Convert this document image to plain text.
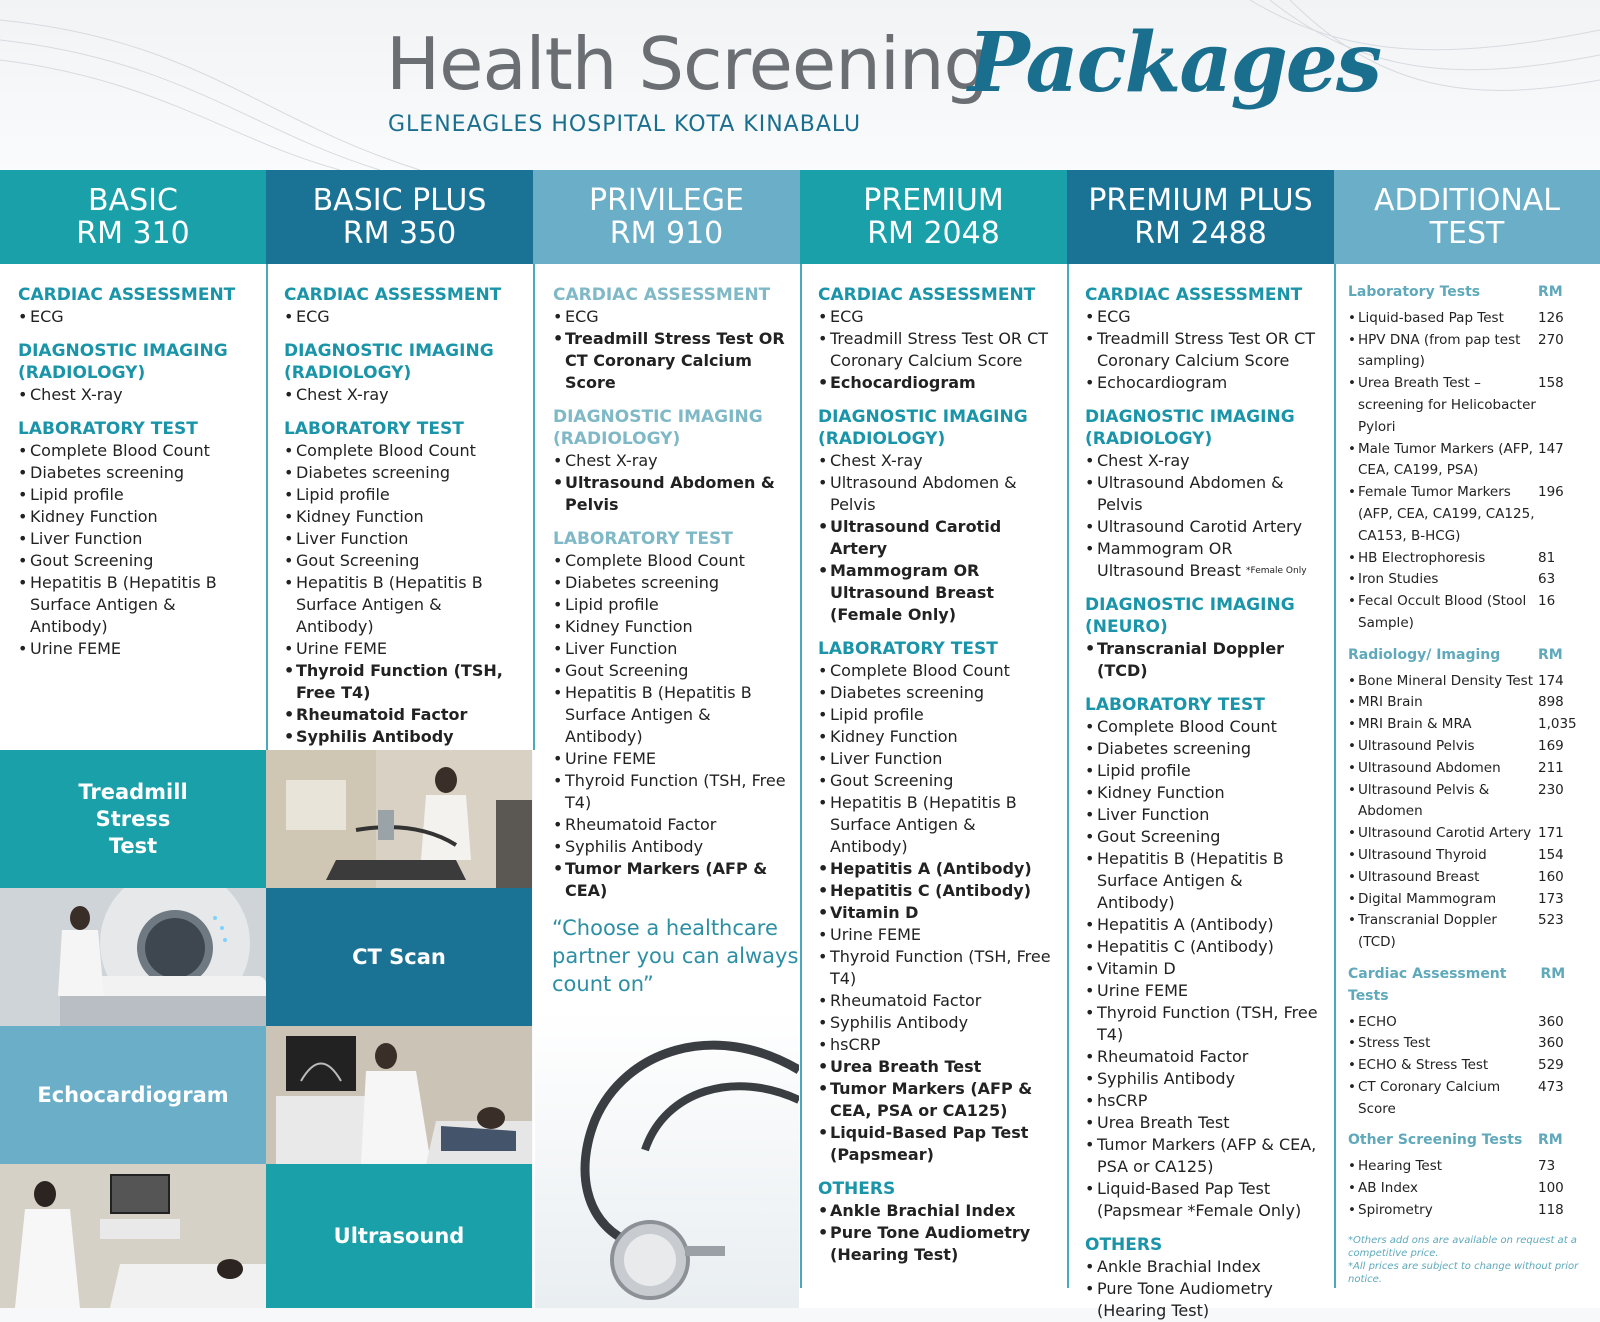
Health Screening
Packages
GLENEAGLES HOSPITAL KOTA KINABALU
BASIC
RM 310
BASIC PLUS
RM 350
PRIVILEGE
RM 910
PREMIUM
RM 2048
PREMIUM PLUS
RM 2488
ADDITIONAL
TEST
CARDIAC ASSESSMENT
• ECG
DIAGNOSTIC IMAGING (RADIOLOGY)
• Chest X-ray
LABORATORY TEST
• Complete Blood Count
• Diabetes screening
• Lipid profile
• Kidney Function
• Liver Function
• Gout Screening
• Hepatitis B (Hepatitis B Surface Antigen & Antibody)
• Urine FEME
CARDIAC ASSESSMENT
• ECG
DIAGNOSTIC IMAGING (RADIOLOGY)
• Chest X-ray
LABORATORY TEST
• Complete Blood Count
• Diabetes screening
• Lipid profile
• Kidney Function
• Liver Function
• Gout Screening
• Hepatitis B (Hepatitis B Surface Antigen & Antibody)
• Urine FEME
• Thyroid Function (TSH, Free T4)
• Rheumatoid Factor
• Syphilis Antibody
CARDIAC ASSESSMENT
• ECG
• Treadmill Stress Test OR CT Coronary Calcium Score
DIAGNOSTIC IMAGING (RADIOLOGY)
• Chest X-ray
• Ultrasound Abdomen & Pelvis
LABORATORY TEST
• Complete Blood Count
• Diabetes screening
• Lipid profile
• Kidney Function
• Liver Function
• Gout Screening
• Hepatitis B (Hepatitis B Surface Antigen & Antibody)
• Urine FEME
• Thyroid Function (TSH, Free T4)
• Rheumatoid Factor
• Syphilis Antibody
• Tumor Markers (AFP & CEA)
CARDIAC ASSESSMENT
• ECG
• Treadmill Stress Test OR CT Coronary Calcium Score
• Echocardiogram
DIAGNOSTIC IMAGING (RADIOLOGY)
• Chest X-ray
• Ultrasound Abdomen & Pelvis
• Ultrasound Carotid Artery
• Mammogram OR Ultrasound Breast (Female Only)
LABORATORY TEST
• Complete Blood Count
• Diabetes screening
• Lipid profile
• Kidney Function
• Liver Function
• Gout Screening
• Hepatitis B (Hepatitis B Surface Antigen & Antibody)
• Hepatitis A (Antibody)
• Hepatitis C (Antibody)
• Vitamin D
• Urine FEME
• Thyroid Function (TSH, Free T4)
• Rheumatoid Factor
• Syphilis Antibody
• hsCRP
• Urea Breath Test
• Tumor Markers (AFP & CEA, PSA or CA125)
• Liquid-Based Pap Test (Papsmear)
OTHERS
• Ankle Brachial Index
• Pure Tone Audiometry (Hearing Test)
CARDIAC ASSESSMENT
• ECG
• Treadmill Stress Test OR CT Coronary Calcium Score
• Echocardiogram
DIAGNOSTIC IMAGING (RADIOLOGY)
• Chest X-ray
• Ultrasound Abdomen & Pelvis
• Ultrasound Carotid Artery
• Mammogram OR
Ultrasound Breast $^{*Female Only}$
DIAGNOSTIC IMAGING (NEURO)
• Transcranial Doppler (TCD)
LABORATORY TEST
• Complete Blood Count
• Diabetes screening
• Lipid profile
• Kidney Function
• Liver Function
• Gout Screening
• Hepatitis B (Hepatitis B Surface Antigen & Antibody)
• Hepatitis A (Antibody)
• Hepatitis C (Antibody)
• Vitamin D
• Urine FEME
• Thyroid Function (TSH, Free T4)
• Rheumatoid Factor
• Syphilis Antibody
• hsCRP
• Urea Breath Test
• Tumor Markers (AFP & CEA, PSA or CA125)
• Liquid-Based Pap Test (Papsmear *Female Only)
OTHERS
• Ankle Brachial Index
• Pure Tone Audiometry (Hearing Test)
Treadmill Stress Test
CT Scan
Echocardiogram
Ultrasound
“Choose a healthcare partner you can always count on”
Laboratory Tests	RM
• Liquid-based Pap Test	126
• HPV DNA (from pap test sampling)
270
• Urea Breath Test – screening for Helicobacter Pylori
158
• Male Tumor Markers (AFP, CEA, CA199, PSA)
147
• Female Tumor Markers (AFP, CEA, CA199, CA125, CA153, B-HCG)
196
• HB Electrophoresis	81
• Iron Studies	63
• Fecal Occult Blood (Stool Sample)
16
Radiology/ Imaging	RM
• Bone Mineral Density Test 174
• MRI Brain	898
• MRI Brain & MRA	1,035
• Ultrasound Pelvis	169
• Ultrasound Abdomen	211
• Ultrasound Pelvis & Abdomen
230
• Ultrasound Carotid Artery 171
• Ultrasound Thyroid	154
• Ultrasound Breast	160
• Digital Mammogram	173
• Transcranial Doppler (TCD)
523
Cardiac Assessment Tests
RM
• ECHO	360
• Stress Test	360
• ECHO & Stress Test	529
• CT Coronary Calcium Score
473
Other Screening Tests RM
• Hearing Test	73
• AB Index	100
• Spirometry	118
*Others add ons are available on request at a competitive price.
*All prices are subject to change without prior notice.
